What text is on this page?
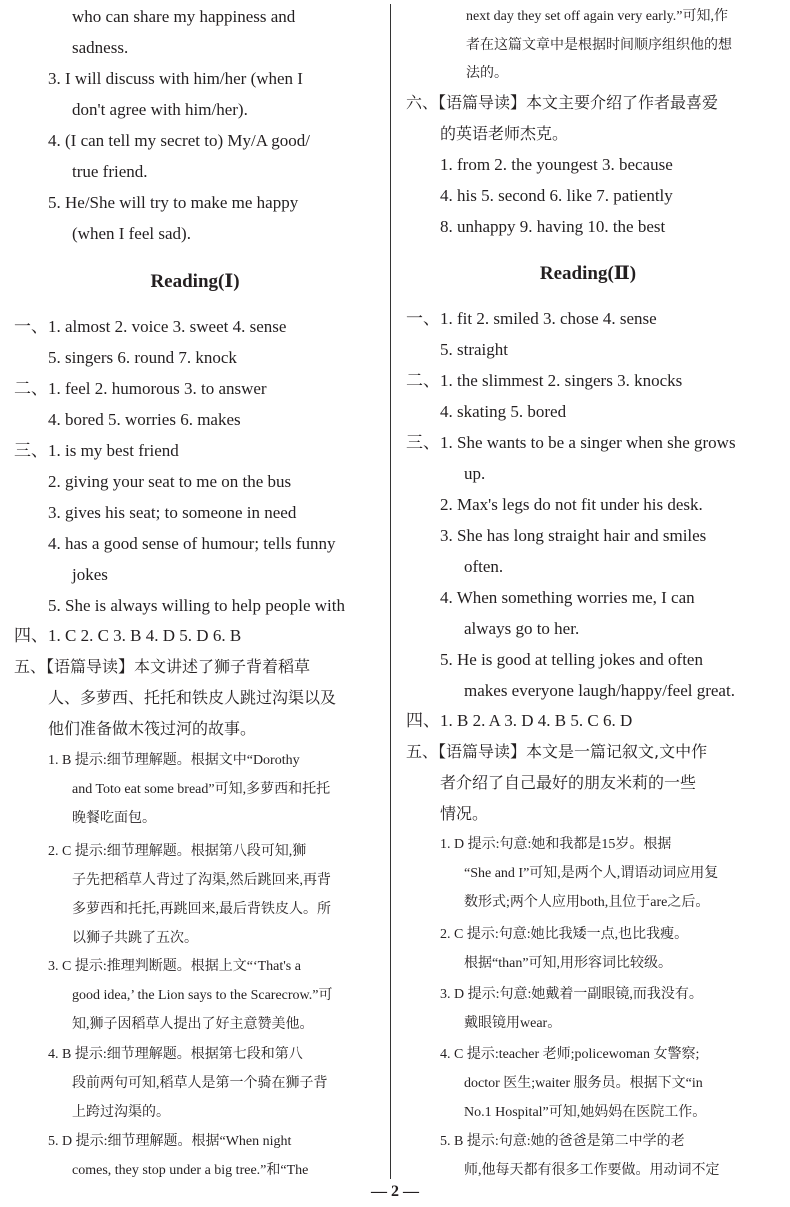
who can share my happiness and
sadness.
3. I will discuss with him/her (when I
don't agree with him/her).
4. (I can tell my secret to) My/A good/
true friend.
5. He/She will try to make me happy
(when I feel sad).
Reading(Ⅰ)
一、1. almost 2. voice 3. sweet 4. sense
5. singers 6. round 7. knock
二、1. feel 2. humorous 3. to answer
4. bored 5. worries 6. makes
三、1. is my best friend
2. giving your seat to me on the bus
3. gives his seat; to someone in need
4. has a good sense of humour; tells funny
jokes
5. She is always willing to help people with
四、1. C 2. C 3. B 4. D 5. D 6. B
五、【语篇导读】本文讲述了狮子背着稻草
人、多萝西、托托和铁皮人跳过沟渠以及
他们准备做木筏过河的故事。
1. B 提示:细节理解题。根据文中“Dorothy
and Toto eat some bread”可知,多萝西和托托
晚餐吃面包。
2. C 提示:细节理解题。根据第八段可知,狮
子先把稻草人背过了沟渠,然后跳回来,再背
多萝西和托托,再跳回来,最后背铁皮人。所
以狮子共跳了五次。
3. C 提示:推理判断题。根据上文“‘That's a
good idea,’ the Lion says to the Scarecrow.”可
知,狮子因稻草人提出了好主意赞美他。
4. B 提示:细节理解题。根据第七段和第八
段前两句可知,稻草人是第一个骑在狮子背
上跨过沟渠的。
5. D 提示:细节理解题。根据“When night
comes, they stop under a big tree.”和“The
next day they set off again very early.”可知,作
者在这篇文章中是根据时间顺序组织他的想
法的。
六、【语篇导读】本文主要介绍了作者最喜爱
的英语老师杰克。
1. from 2. the youngest 3. because
4. his 5. second 6. like 7. patiently
8. unhappy 9. having 10. the best
Reading(Ⅱ)
一、1. fit 2. smiled 3. chose 4. sense
5. straight
二、1. the slimmest 2. singers 3. knocks
4. skating 5. bored
三、1. She wants to be a singer when she grows
up.
2. Max's legs do not fit under his desk.
3. She has long straight hair and smiles
often.
4. When something worries me, I can
always go to her.
5. He is good at telling jokes and often
makes everyone laugh/happy/feel great.
四、1. B 2. A 3. D 4. B 5. C 6. D
五、【语篇导读】本文是一篇记叙文,文中作
者介绍了自己最好的朋友米莉的一些
情况。
1. D 提示:句意:她和我都是15岁。根据
“She and I”可知,是两个人,谓语动词应用复
数形式;两个人应用both,且位于are之后。
2. C 提示:句意:她比我矮一点,也比我瘦。
根据“than”可知,用形容词比较级。
3. D 提示:句意:她戴着一副眼镜,而我没有。
戴眼镜用wear。
4. C 提示:teacher 老师;policewoman 女警察;
doctor 医生;waiter 服务员。根据下文“in
No.1 Hospital”可知,她妈妈在医院工作。
5. B 提示:句意:她的爸爸是第二中学的老
师,他每天都有很多工作要做。用动词不定
— 2 —
